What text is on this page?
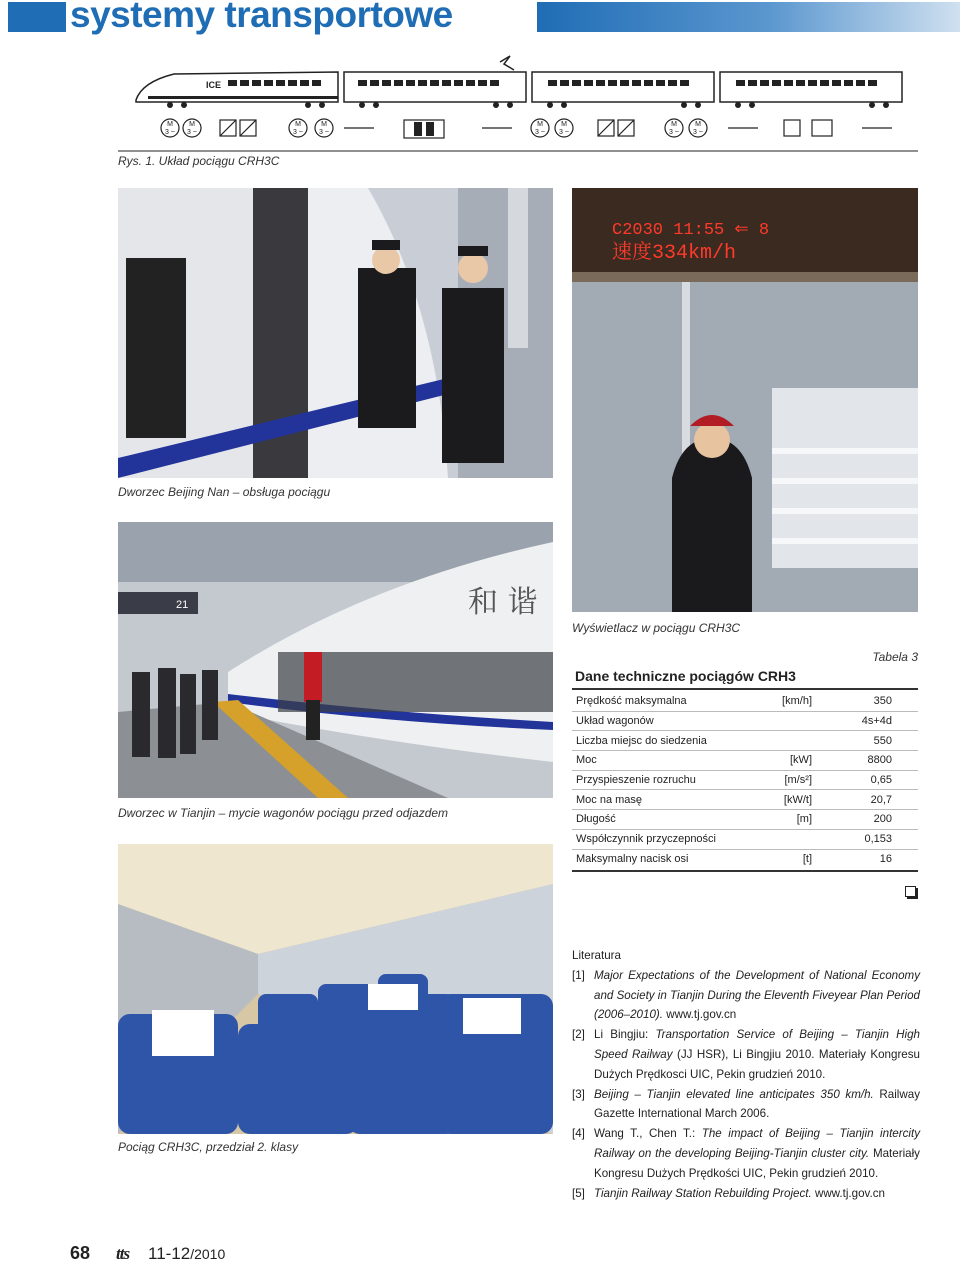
systemy transportowe
ICE
M
3 ~
M
3 ~
M
3 ~
M
3 ~
M
3 ~
M
3 ~
M
3 ~
M
3 ~
Rys. 1. Układ pociągu CRH3C
Dworzec Beijing Nan – obsługa pociągu
C2030 11:55 ⇐ 8
速度334km/h
Wyświetlacz w pociągu CRH3C
21	和 谐
Dworzec w Tianjin – mycie wagonów pociągu przed odjazdem
Pociąg CRH3C, przedział 2. klasy
Tabela 3
Dane techniczne pociągów CRH3
Prędkość maksymalna	[km/h]	350
Układ wagonów	4s+4d
Liczba miejsc do siedzenia	550
Moc	[kW]	8800
Przyspieszenie rozruchu	[m/s²]	0,65
Moc na masę	[kW/t]	20,7
Długość	[m]	200
Współczynnik przyczepności	0,153
Maksymalny nacisk osi	[t]	16
Literatura
[1] Major Expectations of the Development of National Economy and Society in Tianjin During the Eleventh Fiveyear Plan Period (2006–2010). www.tj.gov.cn
[2] Li Bingjiu: Transportation Service of Beijing – Tianjin High Speed Railway (JJ HSR), Li Bingjiu 2010. Materiały Kongresu Dużych Prędkosci UIC, Pekin grudzień 2010.
[3] Beijing – Tianjin elevated line anticipates 350 km/h. Railway Gazette International March 2006.
[4] Wang T., Chen T.: The impact of Beijing – Tianjin intercity Railway on the developing Beijing-Tianjin cluster city. Materiały Kongresu Dużych Prędkości UIC, Pekin grudzień 2010.
[5] Tianjin Railway Station Rebuilding Project. www.tj.gov.cn
68 tts 11-12/2010
